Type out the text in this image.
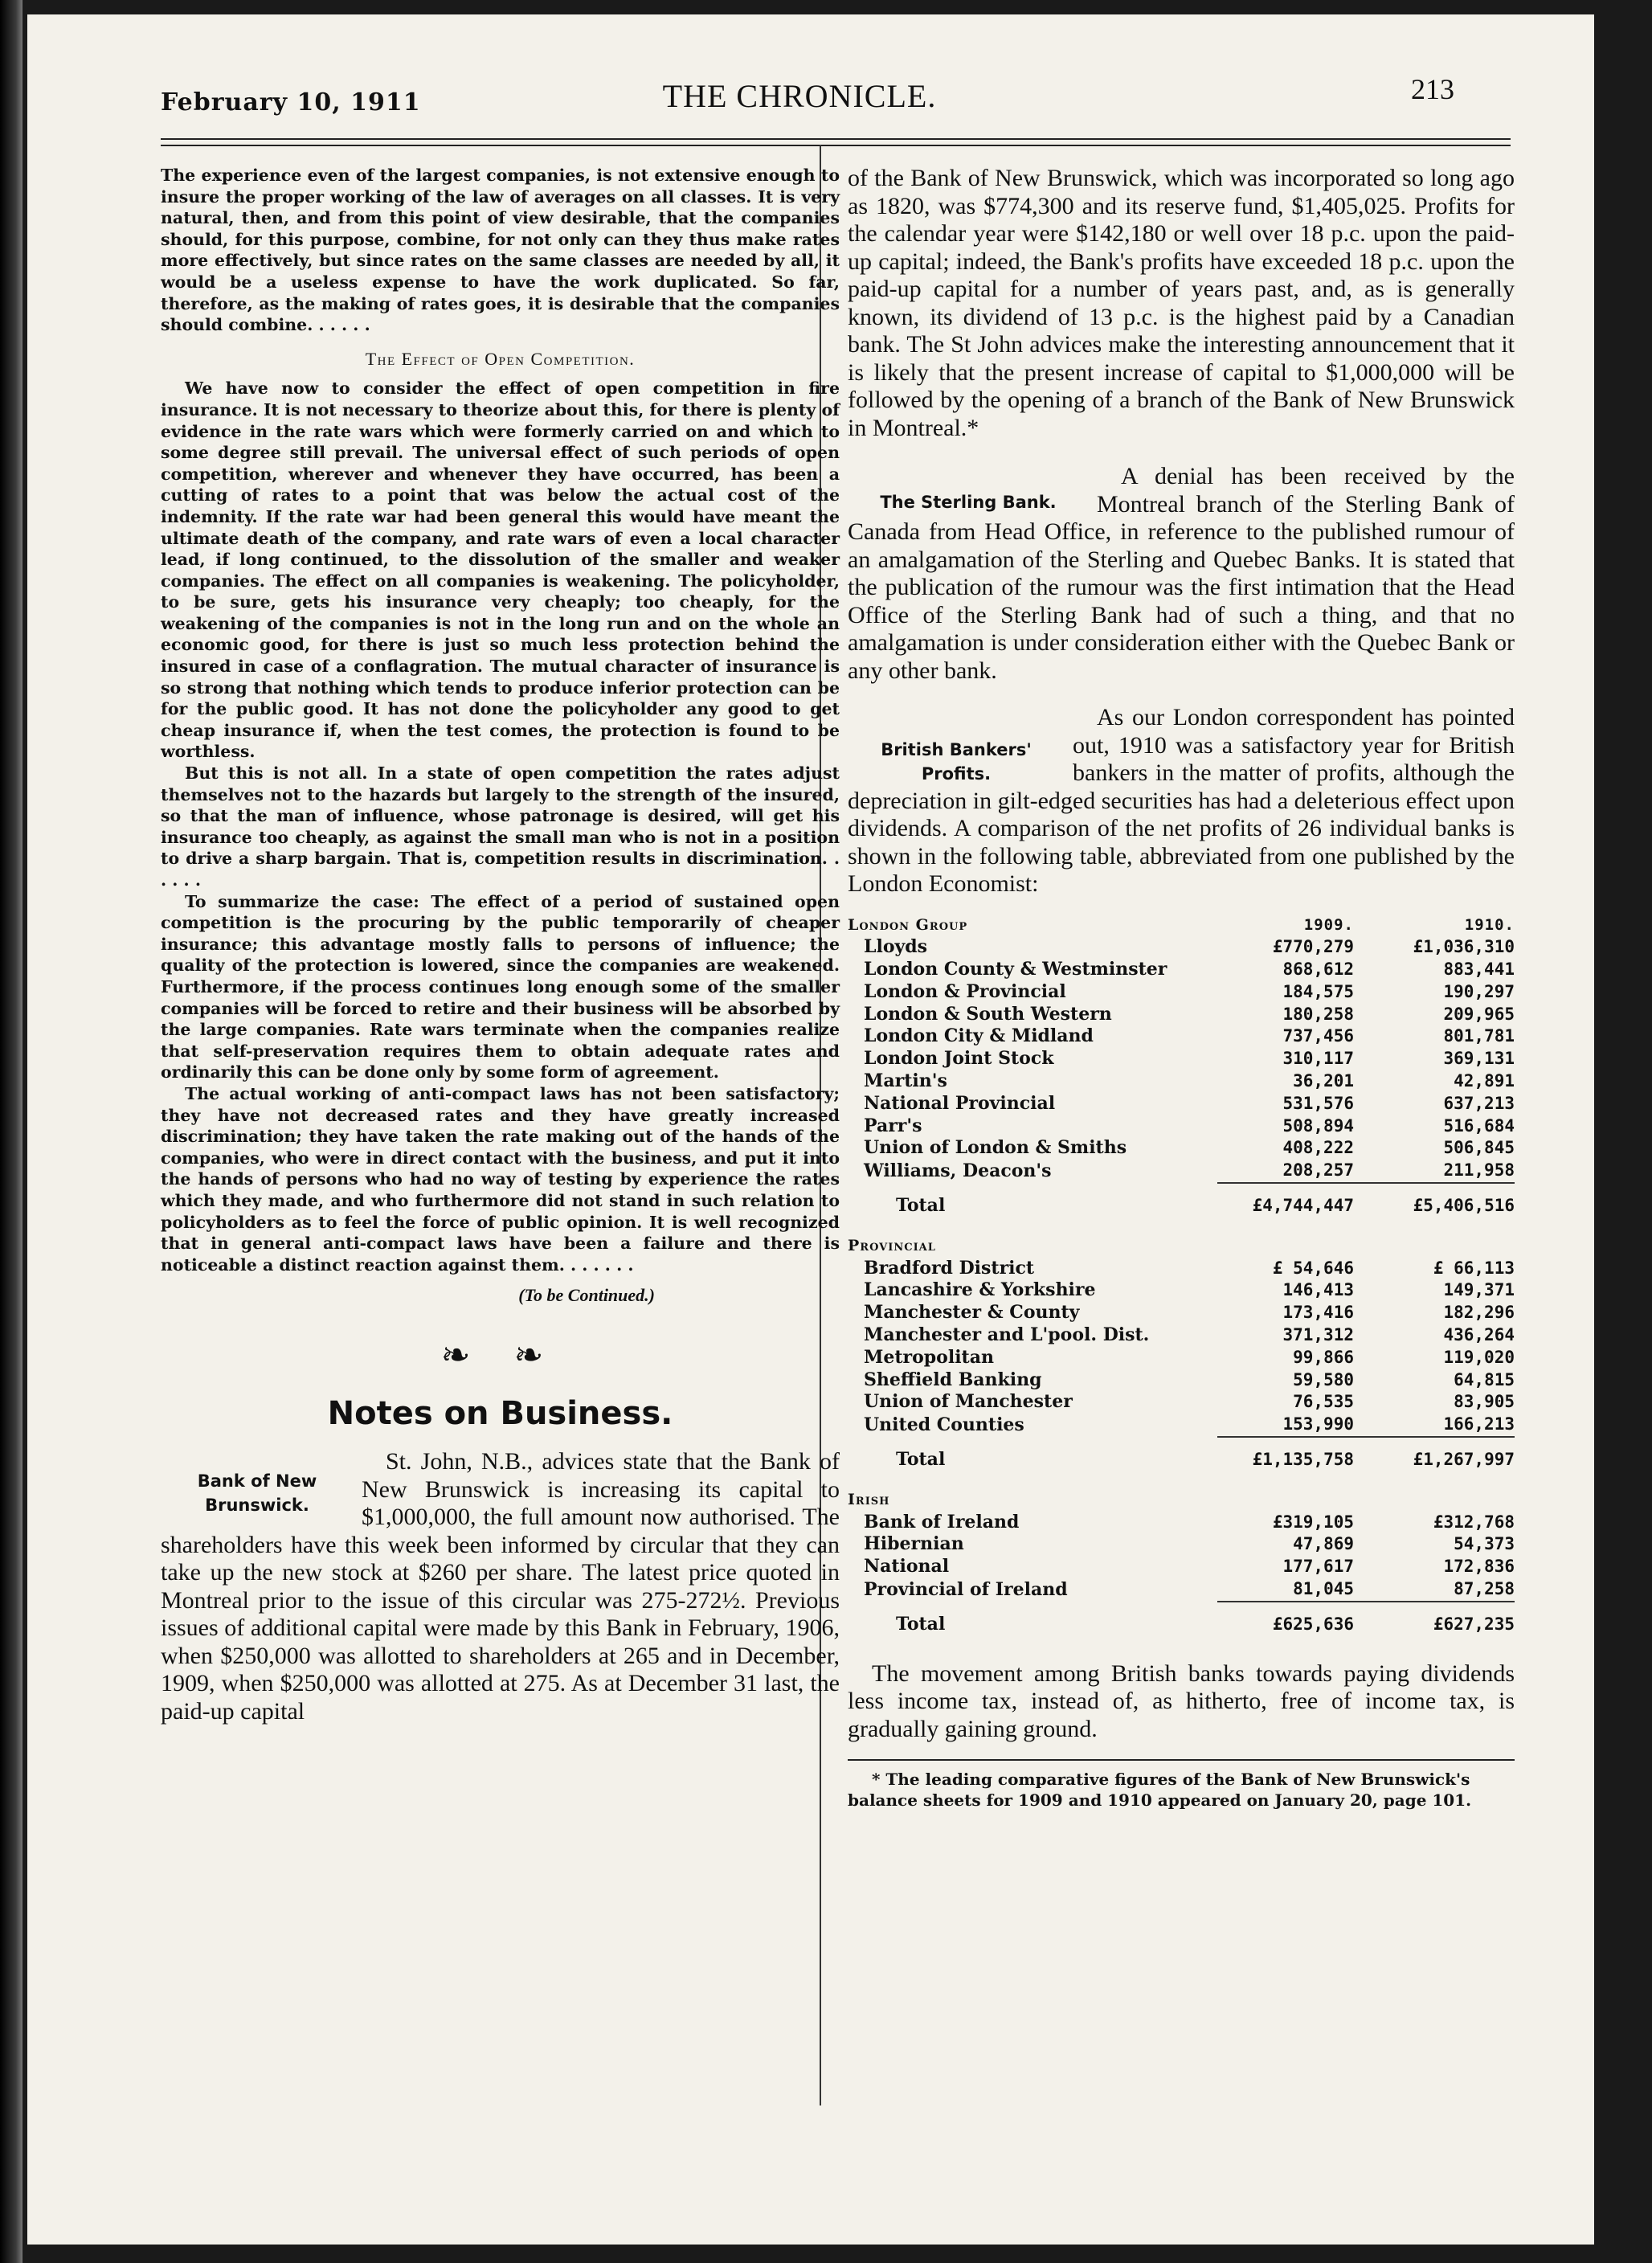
February 10, 1911	THE CHRONICLE.	213

The experience even of the largest companies, is not extensive enough to insure the proper working of the law of averages on all classes. It is very natural, then, and from this point of view desirable, that the companies should, for this purpose, combine, for not only can they thus make rates more effectively, but since rates on the same classes are needed by all, it would be a useless expense to have the work duplicated. So far, therefore, as the making of rates goes, it is desirable that the companies should combine. . . . . .

The Effect of Open Competition.

We have now to consider the effect of open competition in fire insurance. It is not necessary to theorize about this, for there is plenty of evidence in the rate wars which were formerly carried on and which to some degree still prevail. The universal effect of such periods of open competition, wherever and whenever they have occurred, has been a cutting of rates to a point that was below the actual cost of the indemnity. If the rate war had been general this would have meant the ultimate death of the company, and rate wars of even a local character lead, if long continued, to the dissolution of the smaller and weaker companies. The effect on all companies is weakening. The policyholder, to be sure, gets his insurance very cheaply; too cheaply, for the weakening of the companies is not in the long run and on the whole an economic good, for there is just so much less protection behind the insured in case of a conflagration. The mutual character of insurance is so strong that nothing which tends to produce inferior protection can be for the public good. It has not done the policyholder any good to get cheap insurance if, when the test comes, the protection is found to be worthless.

But this is not all. In a state of open competition the rates adjust themselves not to the hazards but largely to the strength of the insured, so that the man of influence, whose patronage is desired, will get his insurance too cheaply, as against the small man who is not in a position to drive a sharp bargain. That is, competition results in discrimination. . . . . .

To summarize the case: The effect of a period of sustained open competition is the procuring by the public temporarily of cheaper insurance; this advantage mostly falls to persons of influence; the quality of the protection is lowered, since the companies are weakened. Furthermore, if the process continues long enough some of the smaller companies will be forced to retire and their business will be absorbed by the large companies. Rate wars terminate when the companies realize that self-preservation requires them to obtain adequate rates and ordinarily this can be done only by some form of agreement.

The actual working of anti-compact laws has not been satisfactory; they have not decreased rates and they have greatly increased discrimination; they have taken the rate making out of the hands of the companies, who were in direct contact with the business, and put it into the hands of persons who had no way of testing by experience the rates which they made, and who furthermore did not stand in such relation to policyholders as to feel the force of public opinion. It is well recognized that in general anti-compact laws have been a failure and there is noticeable a distinct reaction against them. . . . . . .

(To be Continued.)
❧ ❧
Notes on Business.
Bank of New
Brunswick.

St. John, N.B., advices state that the Bank of New Brunswick is increasing its capital to $1,000,000, the full amount now authorised. The shareholders have this week been informed by circular that they can take up the new stock at $260 per share. The latest price quoted in Montreal prior to the issue of this circular was 275-272½. Previous issues of additional capital were made by this Bank in February, 1906, when $250,000 was allotted to shareholders at 265 and in December, 1909, when $250,000 was allotted at 275. As at December 31 last, the paid-up capital

of the Bank of New Brunswick, which was incorporated so long ago as 1820, was $774,300 and its reserve fund, $1,405,025. Profits for the calendar year were $142,180 or well over 18 p.c. upon the paid-up capital; indeed, the Bank's profits have exceeded 18 p.c. upon the paid-up capital for a number of years past, and, as is generally known, its dividend of 13 p.c. is the highest paid by a Canadian bank. The St John advices make the interesting announcement that it is likely that the present increase of capital to $1,000,000 will be followed by the opening of a branch of the Bank of New Brunswick in Montreal.*

The Sterling Bank.

A denial has been received by the Montreal branch of the Sterling Bank of Canada from Head Office, in reference to the published rumour of an amalgamation of the Sterling and Quebec Banks. It is stated that the publication of the rumour was the first intimation that the Head Office of the Sterling Bank had of such a thing, and that no amalgamation is under consideration either with the Quebec Bank or any other bank.

British Bankers'
Profits.

As our London correspondent has pointed out, 1910 was a satisfactory year for British bankers in the matter of profits, although the depreciation in gilt-edged securities has had a deleterious effect upon dividends. A comparison of the net profits of 26 individual banks is shown in the following table, abbreviated from one published by the London Economist:

London Group	1909.	1910.
Lloyds	£770,279	£1,036,310
London County & Westminster	868,612	883,441
London & Provincial	184,575	190,297
London & South Western	180,258	209,965
London City & Midland	737,456	801,781
London Joint Stock	310,117	369,131
Martin's	36,201	42,891
National Provincial	531,576	637,213
Parr's	508,894	516,684
Union of London & Smiths	408,222	506,845
Williams, Deacon's	208,257	211,958

Total	£4,744,447	£5,406,516
Provincial		
Bradford District	£ 54,646	£ 66,113
Lancashire & Yorkshire	146,413	149,371
Manchester & County	173,416	182,296
Manchester and L'pool. Dist.	371,312	436,264
Metropolitan	99,866	119,020
Sheffield Banking	59,580	64,815
Union of Manchester	76,535	83,905
United Counties	153,990	166,213

Total	£1,135,758	£1,267,997
Irish		
Bank of Ireland	£319,105	£312,768
Hibernian	47,869	54,373
National	177,617	172,836
Provincial of Ireland	81,045	87,258

Total	£625,636	£627,235

The movement among British banks towards paying dividends less income tax, instead of, as hitherto, free of income tax, is gradually gaining ground.

* The leading comparative figures of the Bank of New Brunswick's balance sheets for 1909 and 1910 appeared on January 20, page 101.
